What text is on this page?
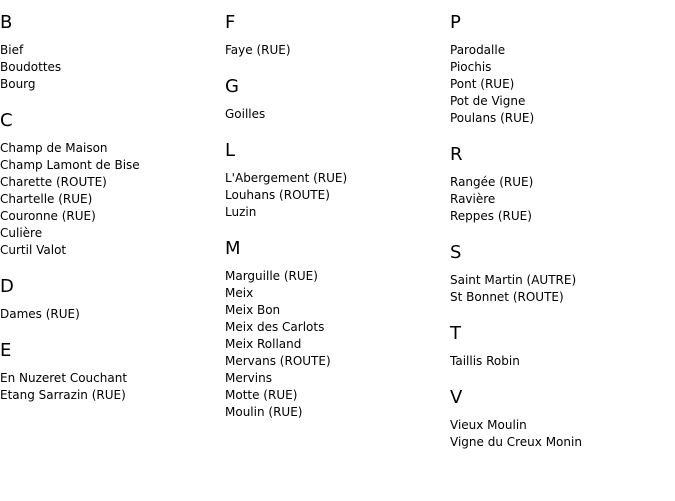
B
Bief
Boudottes
Bourg
C
Champ de Maison
Champ Lamont de Bise
Charette (ROUTE)
Chartelle (RUE)
Couronne (RUE)
Culière
Curtil Valot
D
Dames (RUE)
E
En Nuzeret Couchant
Etang Sarrazin (RUE)
F
Faye (RUE)
G
Goilles
L
L'Abergement (RUE)
Louhans (ROUTE)
Luzin
M
Marguille (RUE)
Meix
Meix Bon
Meix des Carlots
Meix Rolland
Mervans (ROUTE)
Mervins
Motte (RUE)
Moulin (RUE)
P
Parodalle
Piochis
Pont (RUE)
Pot de Vigne
Poulans (RUE)
R
Rangée (RUE)
Ravière
Reppes (RUE)
S
Saint Martin (AUTRE)
St Bonnet (ROUTE)
T
Taillis Robin
V
Vieux Moulin
Vigne du Creux Monin
